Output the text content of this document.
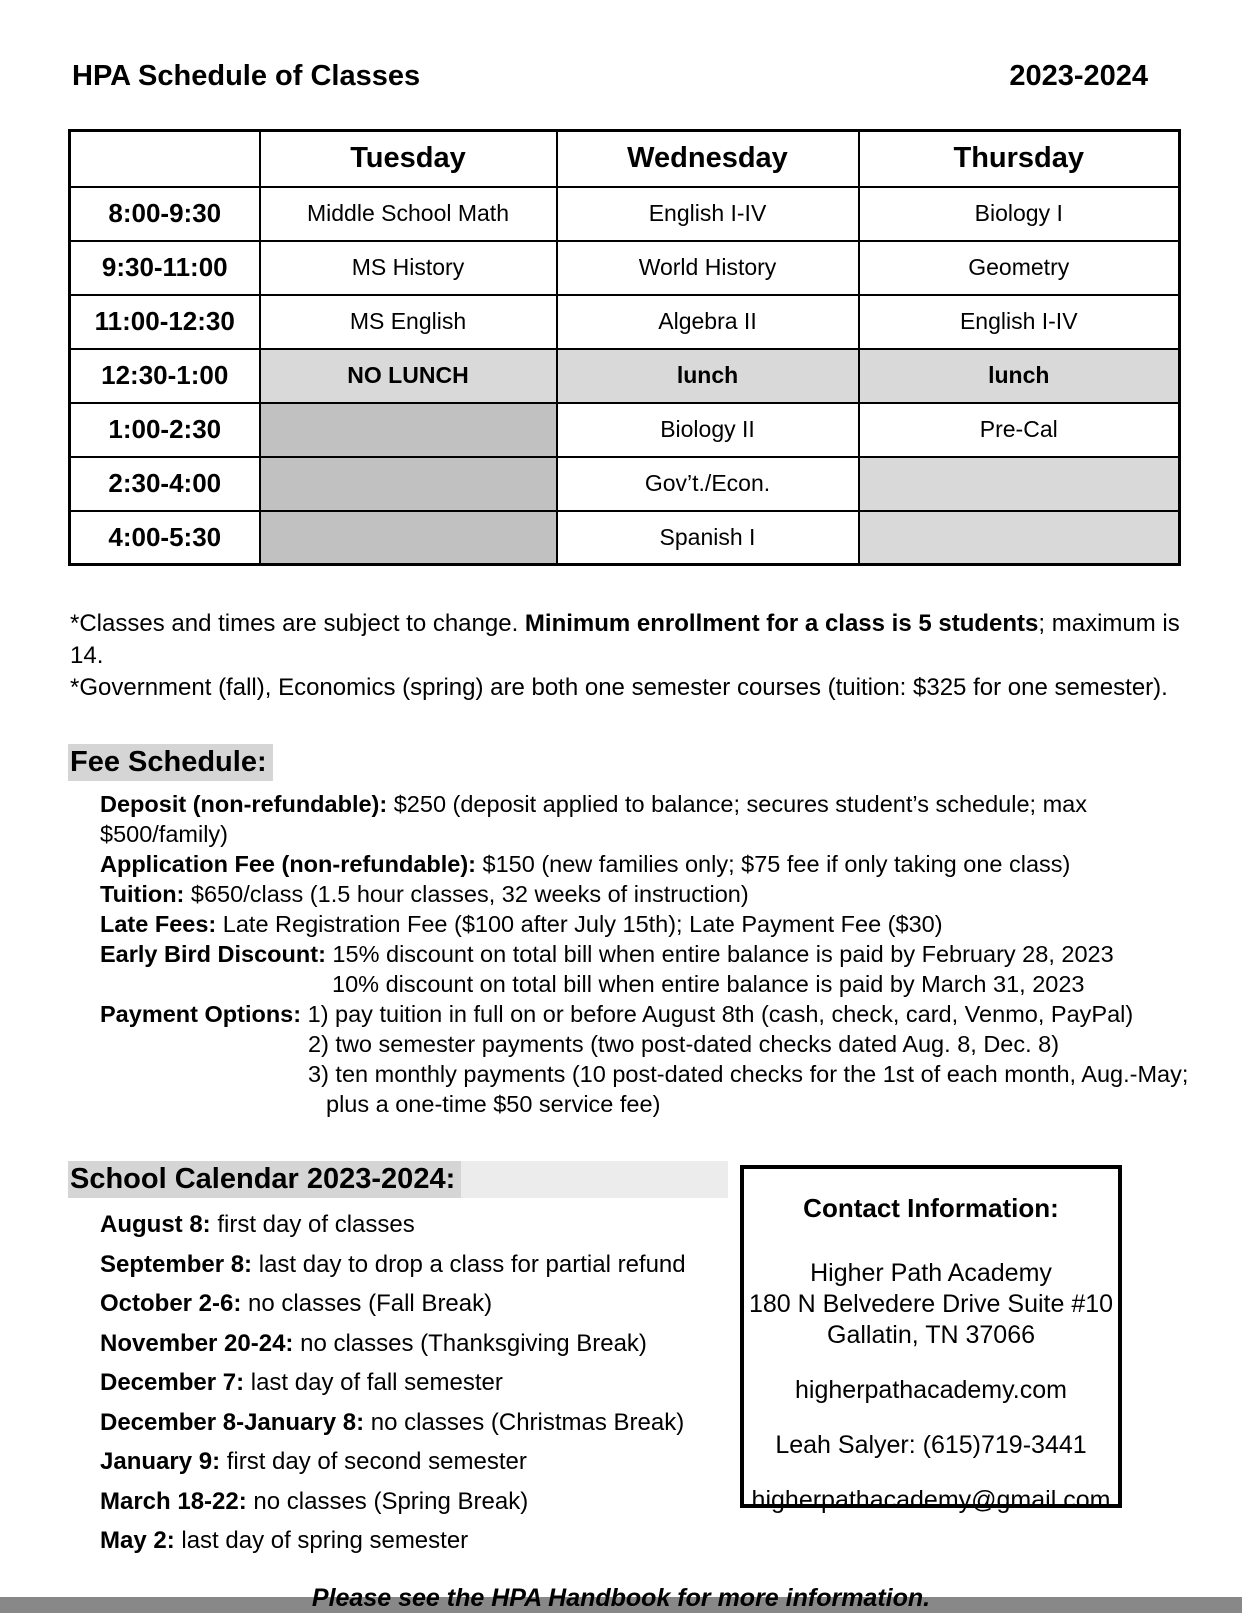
HPA Schedule of Classes	2023-2024
	Tuesday	Wednesday	Thursday
8:00-9:30	Middle School Math	English I-IV	Biology I
9:30-11:00	MS History	World History	Geometry
11:00-12:30	MS English	Algebra II	English I-IV
12:30-1:00	NO LUNCH	lunch	lunch
1:00-2:30		Biology II	Pre-Cal
2:30-4:00		Gov’t./Econ.	
4:00-5:30		Spanish I	
*Classes and times are subject to change. Minimum enrollment for a class is 5 students; maximum is 14.
*Government (fall), Economics (spring) are both one semester courses (tuition: $325 for one semester).
Fee Schedule:
Deposit (non-refundable): $250 (deposit applied to balance; secures student’s schedule; max $500/family)
Application Fee (non-refundable): $150 (new families only; $75 fee if only taking one class)
Tuition: $650/class (1.5 hour classes, 32 weeks of instruction)
Late Fees: Late Registration Fee ($100 after July 15th); Late Payment Fee ($30)
Early Bird Discount: 15% discount on total bill when entire balance is paid by February 28, 2023
10% discount on total bill when entire balance is paid by March 31, 2023
Payment Options: 1) pay tuition in full on or before August 8th (cash, check, card, Venmo, PayPal)
2) two semester payments (two post-dated checks dated Aug. 8, Dec. 8)
3) ten monthly payments (10 post-dated checks for the 1st of each month, Aug.-May;
plus a one-time $50 service fee)
School Calendar 2023-2024:
August 8: first day of classes
September 8: last day to drop a class for partial refund
October 2-6: no classes (Fall Break)
November 20-24: no classes (Thanksgiving Break)
December 7: last day of fall semester
December 8-January 8: no classes (Christmas Break)
January 9: first day of second semester
March 18-22: no classes (Spring Break)
May 2: last day of spring semester
Contact Information:
Higher Path Academy
180 N Belvedere Drive Suite #10
Gallatin, TN 37066
higherpathacademy.com
Leah Salyer: (615)719-3441
higherpathacademy@gmail.com
Please see the HPA Handbook for more information.
